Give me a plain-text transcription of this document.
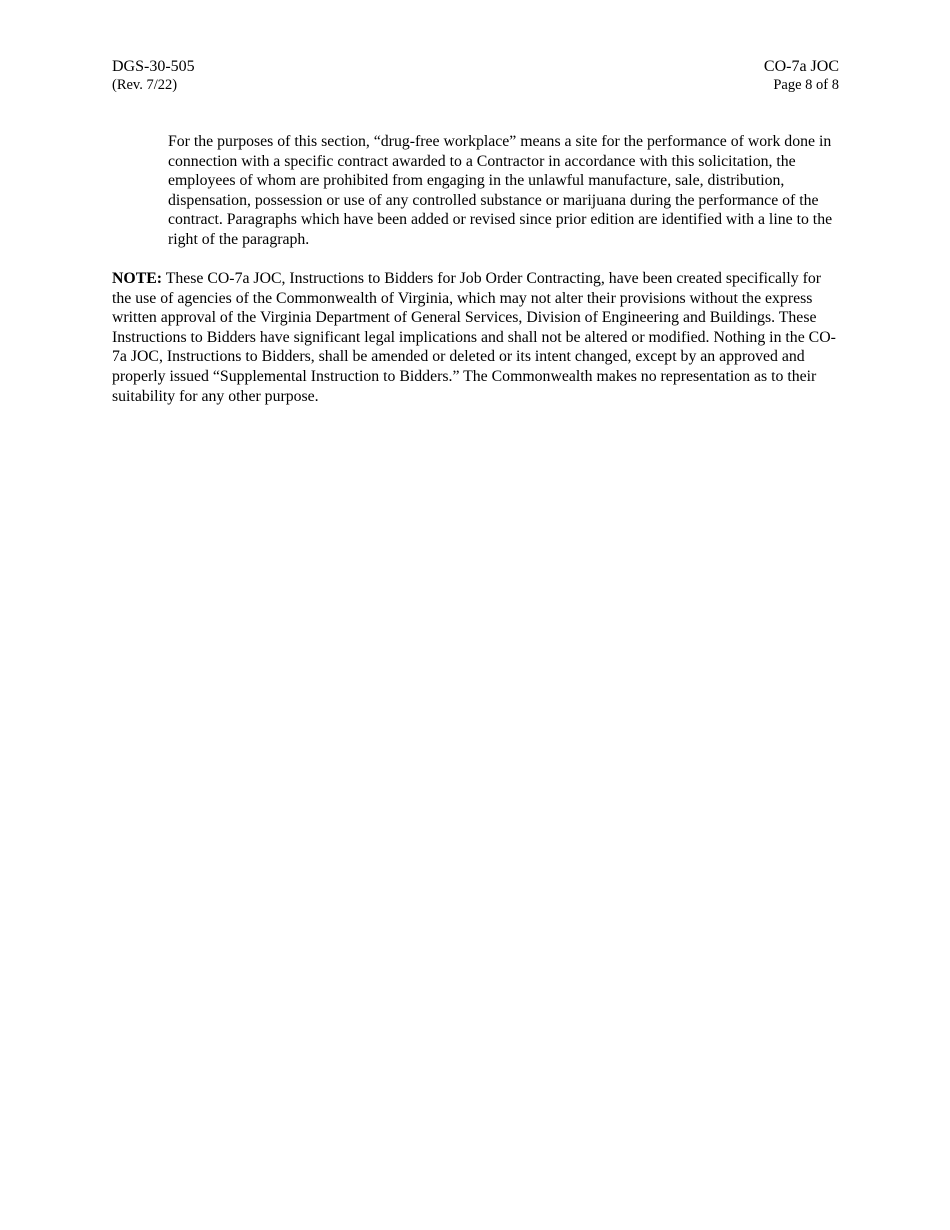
DGS-30-505
(Rev. 7/22)
CO-7a JOC
Page 8 of 8

For the purposes of this section, “drug-free workplace” means a site for the performance of work done in connection with a specific contract awarded to a Contractor in accordance with this solicitation, the employees of whom are prohibited from engaging in the unlawful manufacture, sale, distribution, dispensation, possession or use of any controlled substance or marijuana during the performance of the contract. Paragraphs which have been added or revised since prior edition are identified with a line to the right of the paragraph.

NOTE: These CO-7a JOC, Instructions to Bidders for Job Order Contracting, have been created specifically for the use of agencies of the Commonwealth of Virginia, which may not alter their provisions without the express written approval of the Virginia Department of General Services, Division of Engineering and Buildings. These Instructions to Bidders have significant legal implications and shall not be altered or modified. Nothing in the CO-7a JOC, Instructions to Bidders, shall be amended or deleted or its intent changed, except by an approved and properly issued “Supplemental Instruction to Bidders.” The Commonwealth makes no representation as to their suitability for any other purpose.
